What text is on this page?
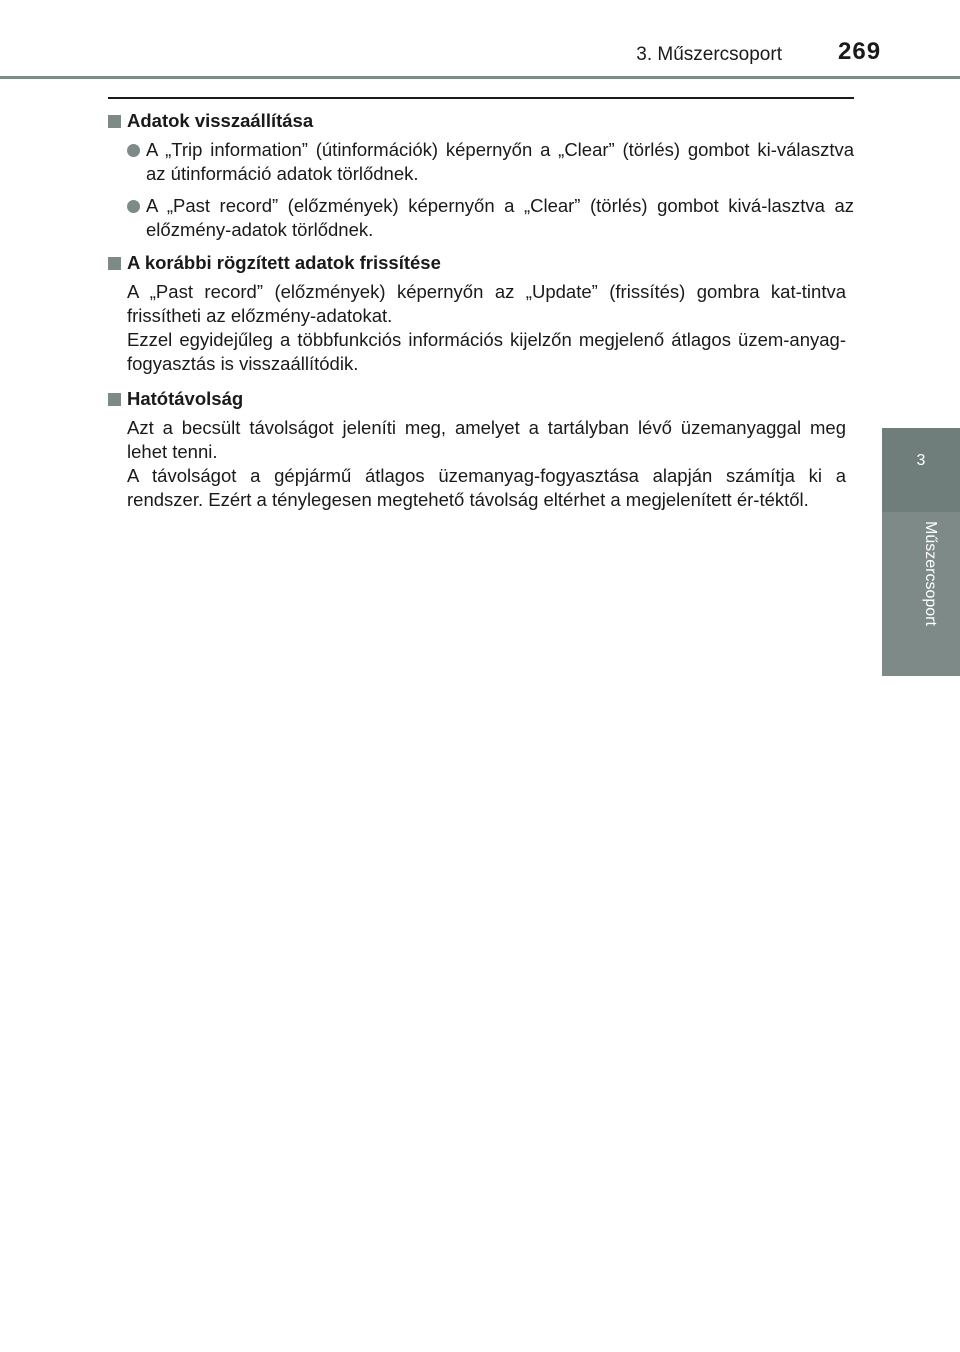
3. Műszercsoport 269
3
Műszercsoport
Adatok visszaállítása
A „Trip information” (útinformációk) képernyőn a „Clear” (törlés) gombot ki-választva az útinformáció adatok törlődnek.
A „Past record” (előzmények) képernyőn a „Clear” (törlés) gombot kivá-lasztva az előzmény-adatok törlődnek.
A korábbi rögzített adatok frissítése
A „Past record” (előzmények) képernyőn az „Update” (frissítés) gombra kat-tintva frissítheti az előzmény-adatokat.
Ezzel egyidejűleg a többfunkciós információs kijelzőn megjelenő átlagos üzem-anyag-fogyasztás is visszaállítódik.
Hatótávolság
Azt a becsült távolságot jeleníti meg, amelyet a tartályban lévő üzemanyaggal meg lehet tenni.
A távolságot a gépjármű átlagos üzemanyag-fogyasztása alapján számítja ki a rendszer. Ezért a ténylegesen megtehető távolság eltérhet a megjelenített ér-téktől.
